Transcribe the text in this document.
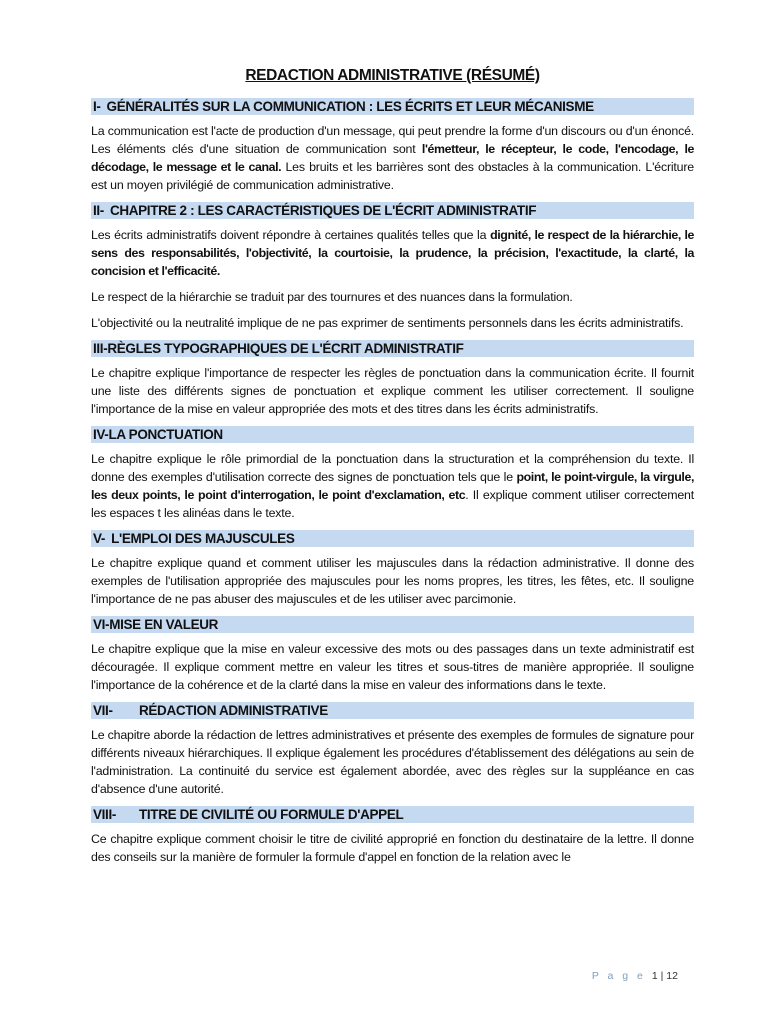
REDACTION ADMINISTRATIVE (RÉSUMÉ)
I- GÉNÉRALITÉS SUR LA COMMUNICATION : LES ÉCRITS ET LEUR MÉCANISME

La communication est l'acte de production d'un message, qui peut prendre la forme d'un discours ou d'un énoncé. Les éléments clés d'une situation de communication sont l'émetteur, le récepteur, le code, l'encodage, le décodage, le message et le canal. Les bruits et les barrières sont des obstacles à la communication. L'écriture est un moyen privilégié de communication administrative.

II- CHAPITRE 2 : LES CARACTÉRISTIQUES DE L'ÉCRIT ADMINISTRATIF

Les écrits administratifs doivent répondre à certaines qualités telles que la dignité, le respect de la hiérarchie, le sens des responsabilités, l'objectivité, la courtoisie, la prudence, la précision, l'exactitude, la clarté, la concision et l'efficacité.

Le respect de la hiérarchie se traduit par des tournures et des nuances dans la formulation.

L'objectivité ou la neutralité implique de ne pas exprimer de sentiments personnels dans les écrits administratifs.

III-RÈGLES TYPOGRAPHIQUES DE L'ÉCRIT ADMINISTRATIF

Le chapitre explique l'importance de respecter les règles de ponctuation dans la communication écrite. Il fournit une liste des différents signes de ponctuation et explique comment les utiliser correctement. Il souligne l'importance de la mise en valeur appropriée des mots et des titres dans les écrits administratifs.

IV-LA PONCTUATION

Le chapitre explique le rôle primordial de la ponctuation dans la structuration et la compréhension du texte. Il donne des exemples d'utilisation correcte des signes de ponctuation tels que le point, le point-virgule, la virgule, les deux points, le point d'interrogation, le point d'exclamation, etc. Il explique comment utiliser correctement les espaces t les alinéas dans le texte.

V- L'EMPLOI DES MAJUSCULES

Le chapitre explique quand et comment utiliser les majuscules dans la rédaction administrative. Il donne des exemples de l'utilisation appropriée des majuscules pour les noms propres, les titres, les fêtes, etc. Il souligne l'importance de ne pas abuser des majuscules et de les utiliser avec parcimonie.

VI-MISE EN VALEUR

Le chapitre explique que la mise en valeur excessive des mots ou des passages dans un texte administratif est découragée. Il explique comment mettre en valeur les titres et sous-titres de manière appropriée. Il souligne l'importance de la cohérence et de la clarté dans la mise en valeur des informations dans le texte.

VII- RÉDACTION ADMINISTRATIVE

Le chapitre aborde la rédaction de lettres administratives et présente des exemples de formules de signature pour différents niveaux hiérarchiques. Il explique également les procédures d'établissement des délégations au sein de l'administration. La continuité du service est également abordée, avec des règles sur la suppléance en cas d'absence d'une autorité.

VIII- TITRE DE CIVILITÉ OU FORMULE D'APPEL

Ce chapitre explique comment choisir le titre de civilité approprié en fonction du destinataire de la lettre. Il donne des conseils sur la manière de formuler la formule d'appel en fonction de la relation avec le

P a g e 1 | 12
